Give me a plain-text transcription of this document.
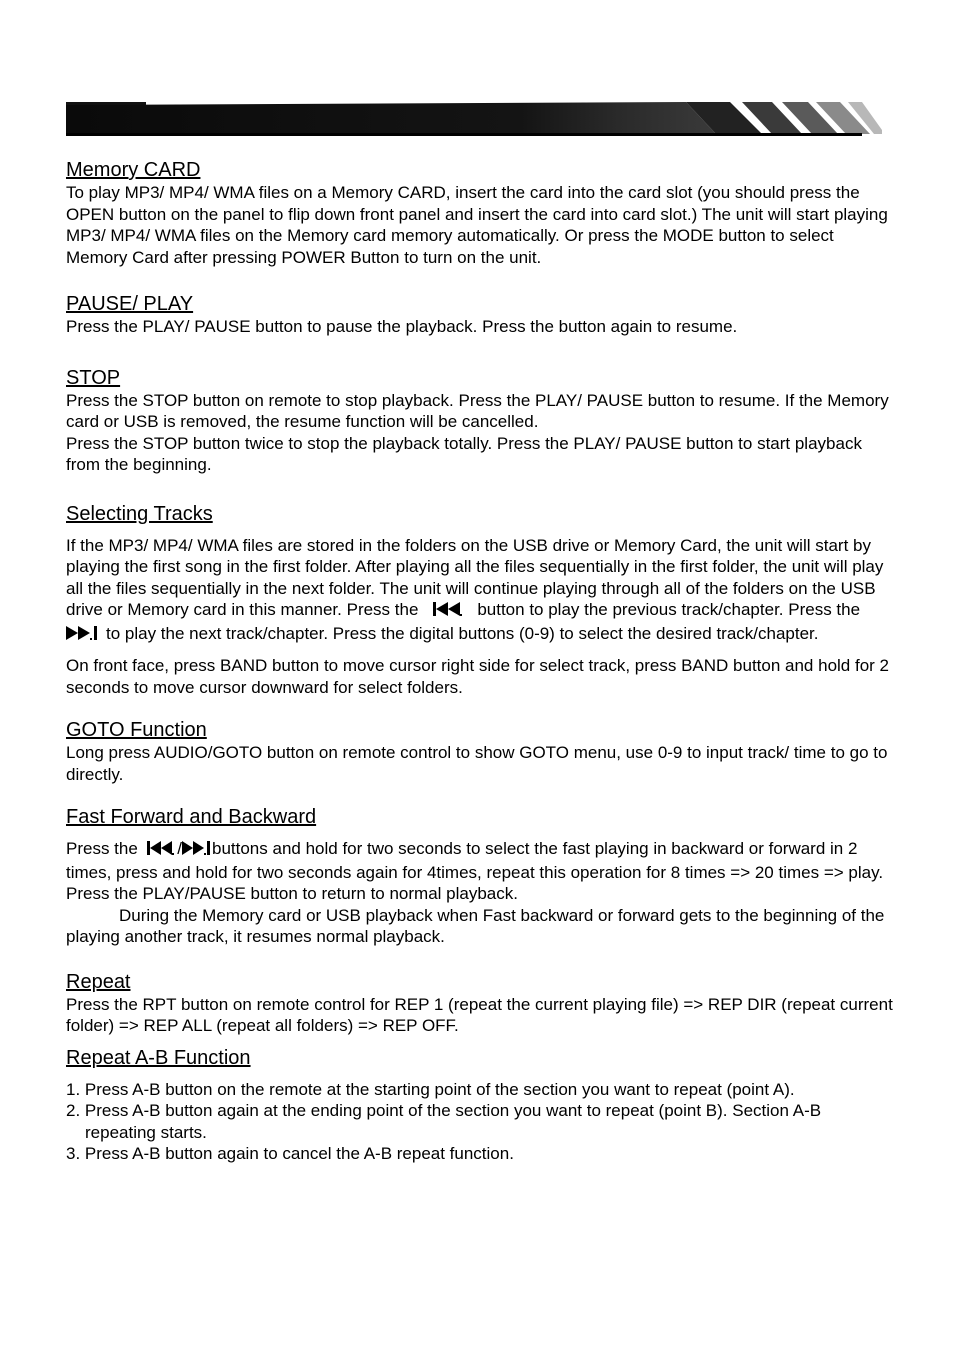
Memory CARD

To play MP3/ MP4/ WMA files on a Memory CARD, insert the card into the card slot (you should press the OPEN button on the panel to flip down front panel and insert the card into card slot.) The unit will start playing MP3/ MP4/ WMA files on the Memory card memory automatically. Or press the MODE button to select Memory Card after pressing POWER Button to turn on the unit.

PAUSE/ PLAY

Press the PLAY/ PAUSE button to pause the playback. Press the button again to resume.

STOP

Press the STOP button on remote to stop playback. Press the PLAY/ PAUSE button to resume. If the Memory card or USB is removed, the resume function will be cancelled.

Press the STOP button twice to stop the playback totally. Press the PLAY/ PAUSE button to start playback from the beginning.

Selecting Tracks

If the MP3/ MP4/ WMA files are stored in the folders on the USB drive or Memory Card, the unit will start by playing the first song in the first folder. After playing all the files sequentially in the first folder, the unit will play all the files sequentially in the next folder. The unit will continue playing through all of the folders on the USB drive or Memory card in this manner. Press the	button to play the previous track/chapter. Press the  to play the next track/chapter. Press the digital buttons (0-9) to select the desired track/chapter.

On front face, press BAND button to move cursor right side for select track, press BAND button and hold for 2 seconds to move cursor downward for select folders.

GOTO Function

Long press AUDIO/GOTO button on remote control to show GOTO menu, use 0-9 to input track/ time to go to directly.

Fast Forward and Backward

Press the / buttons and hold for two seconds to select the fast playing in backward or forward in 2 times, press and hold for two seconds again for 4times, repeat this operation for 8 times => 20 times => play. Press the PLAY/PAUSE button to return to normal playback.

During the Memory card or USB playback when Fast backward or forward gets to the beginning of the playing another track, it resumes normal playback.

Repeat

Press the RPT button on remote control for REP 1 (repeat the current playing file) => REP DIR (repeat current folder) => REP ALL (repeat all folders) => REP OFF.

Repeat A-B Function

1. Press A-B button on the remote at the starting point of the section you want to repeat (point A).

2. Press A-B button again at the ending point of the section you want to repeat (point B). Section A-B repeating starts.

3. Press A-B button again to cancel the A-B repeat function.
